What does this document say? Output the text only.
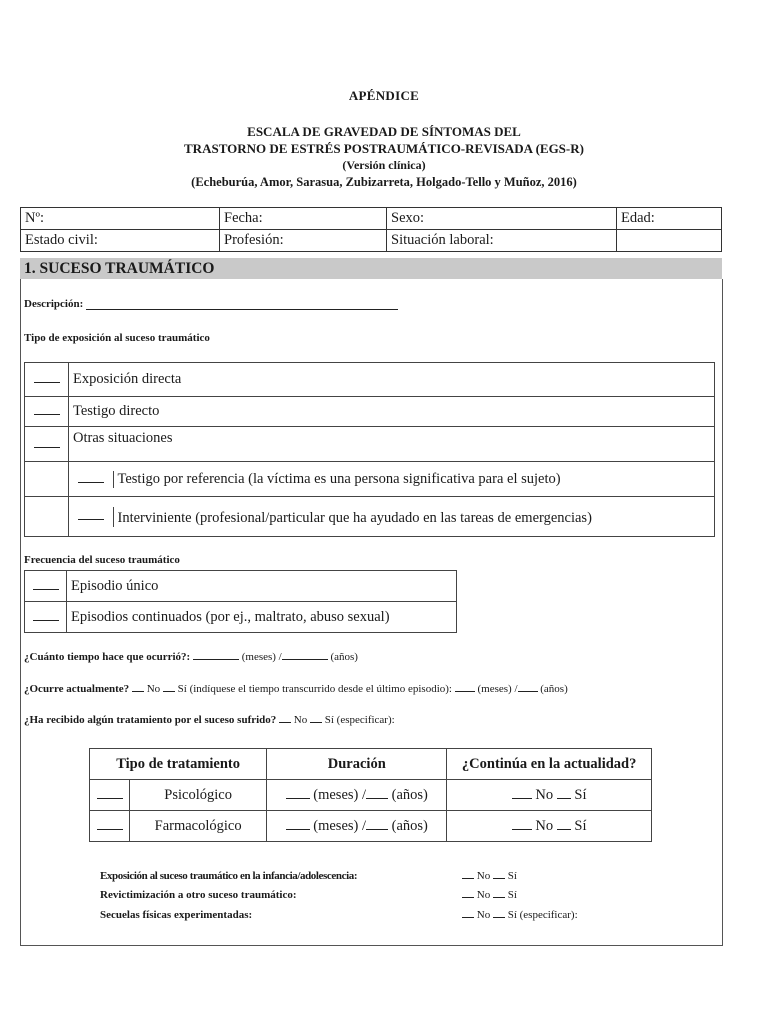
APÉNDICE
ESCALA DE GRAVEDAD DE SÍNTOMAS DEL
TRASTORNO DE ESTRÉS POSTRAUMÁTICO-REVISADA (EGS-R)
(Versión clínica)
(Echeburúa, Amor, Sarasua, Zubizarreta, Holgado-Tello y Muñoz, 2016)
Nº:	Fecha:	Sexo:	Edad:
Estado civil:	Profesión:	Situación laboral:	
1. SUCESO TRAUMÁTICO
Descripción:
Tipo de exposición al suceso traumático
	Exposición directa
	Testigo directo
	Otras situaciones

	Testigo por referencia (la víctima es una persona significativa para el sujeto)

	Interviniente (profesional/particular que ha ayudado en las tareas de emergencias)
Frecuencia del suceso traumático
	Episodio único
	Episodios continuados (por ej., maltrato, abuso sexual)
¿Cuánto tiempo hace que ocurrió?:	(meses) /	(años)
¿Ocurre actualmente? No Sí (indíquese el tiempo transcurrido desde el último episodio): (meses) / (años)
¿Ha recibido algún tratamiento por el suceso sufrido? No Sí (especificar):
Tipo de tratamiento		Duración	¿Continúa en la actualidad?
	Psicológico	(meses) / (años)	No Sí
	Farmacológico	(meses) / (años)	No Sí
Exposición al suceso traumático en la infancia/adolescencia:	No Sí
Revictimización a otro suceso traumático:	No Sí
Secuelas físicas experimentadas:	No Sí (especificar):
